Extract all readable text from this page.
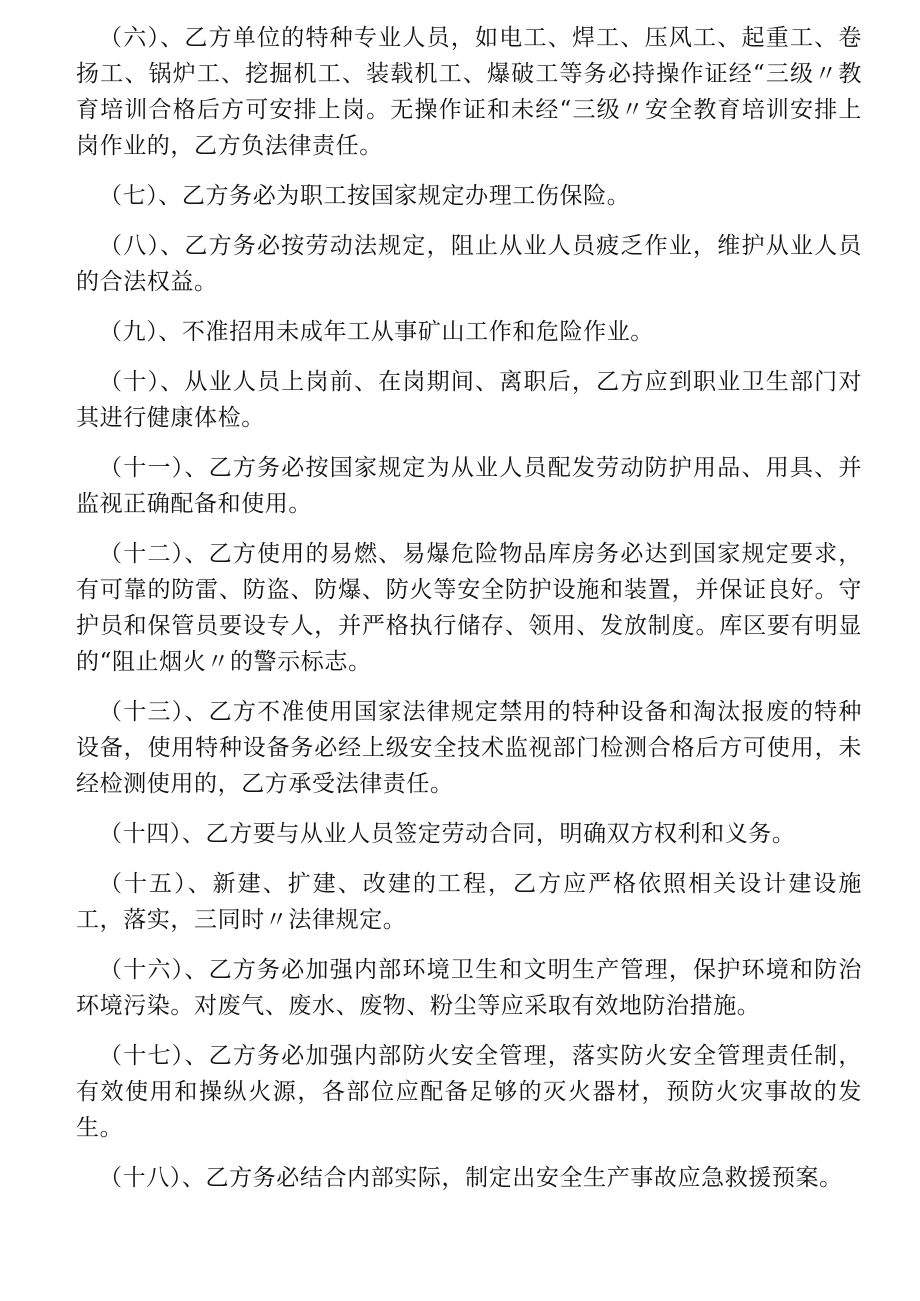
（六）、乙方单位的特种专业人员，如电工、焊工、压风工、起重工、卷扬工、锅炉工、挖掘机工、装载机工、爆破工等务必持操作证经“三级〃教育培训合格后方可安排上岗。无操作证和未经“三级〃安全教育培训安排上岗作业的，乙方负法律责任。

（七）、乙方务必为职工按国家规定办理工伤保险。

（八）、乙方务必按劳动法规定，阻止从业人员疲乏作业，维护从业人员的合法权益。

（九）、不准招用未成年工从事矿山工作和危险作业。

（十）、从业人员上岗前、在岗期间、离职后，乙方应到职业卫生部门对其进行健康体检。

（十一）、乙方务必按国家规定为从业人员配发劳动防护用品、用具、并监视正确配备和使用。

（十二）、乙方使用的易燃、易爆危险物品库房务必达到国家规定要求，有可靠的防雷、防盗、防爆、防火等安全防护设施和装置，并保证良好。守护员和保管员要设专人，并严格执行储存、领用、发放制度。库区要有明显的“阻止烟火〃的警示标志。

（十三）、乙方不准使用国家法律规定禁用的特种设备和淘汰报废的特种设备，使用特种设备务必经上级安全技术监视部门检测合格后方可使用，未经检测使用的，乙方承受法律责任。

（十四）、乙方要与从业人员签定劳动合同，明确双方权利和义务。

（十五）、新建、扩建、改建的工程，乙方应严格依照相关设计建设施工，落实，三同时〃法律规定。

（十六）、乙方务必加强内部环境卫生和文明生产管理，保护环境和防治环境污染。对废气、废水、废物、粉尘等应采取有效地防治措施。

（十七）、乙方务必加强内部防火安全管理，落实防火安全管理责任制，有效使用和操纵火源，各部位应配备足够的灭火器材，预防火灾事故的发生。

（十八）、乙方务必结合内部实际，制定出安全生产事故应急救援预案。
